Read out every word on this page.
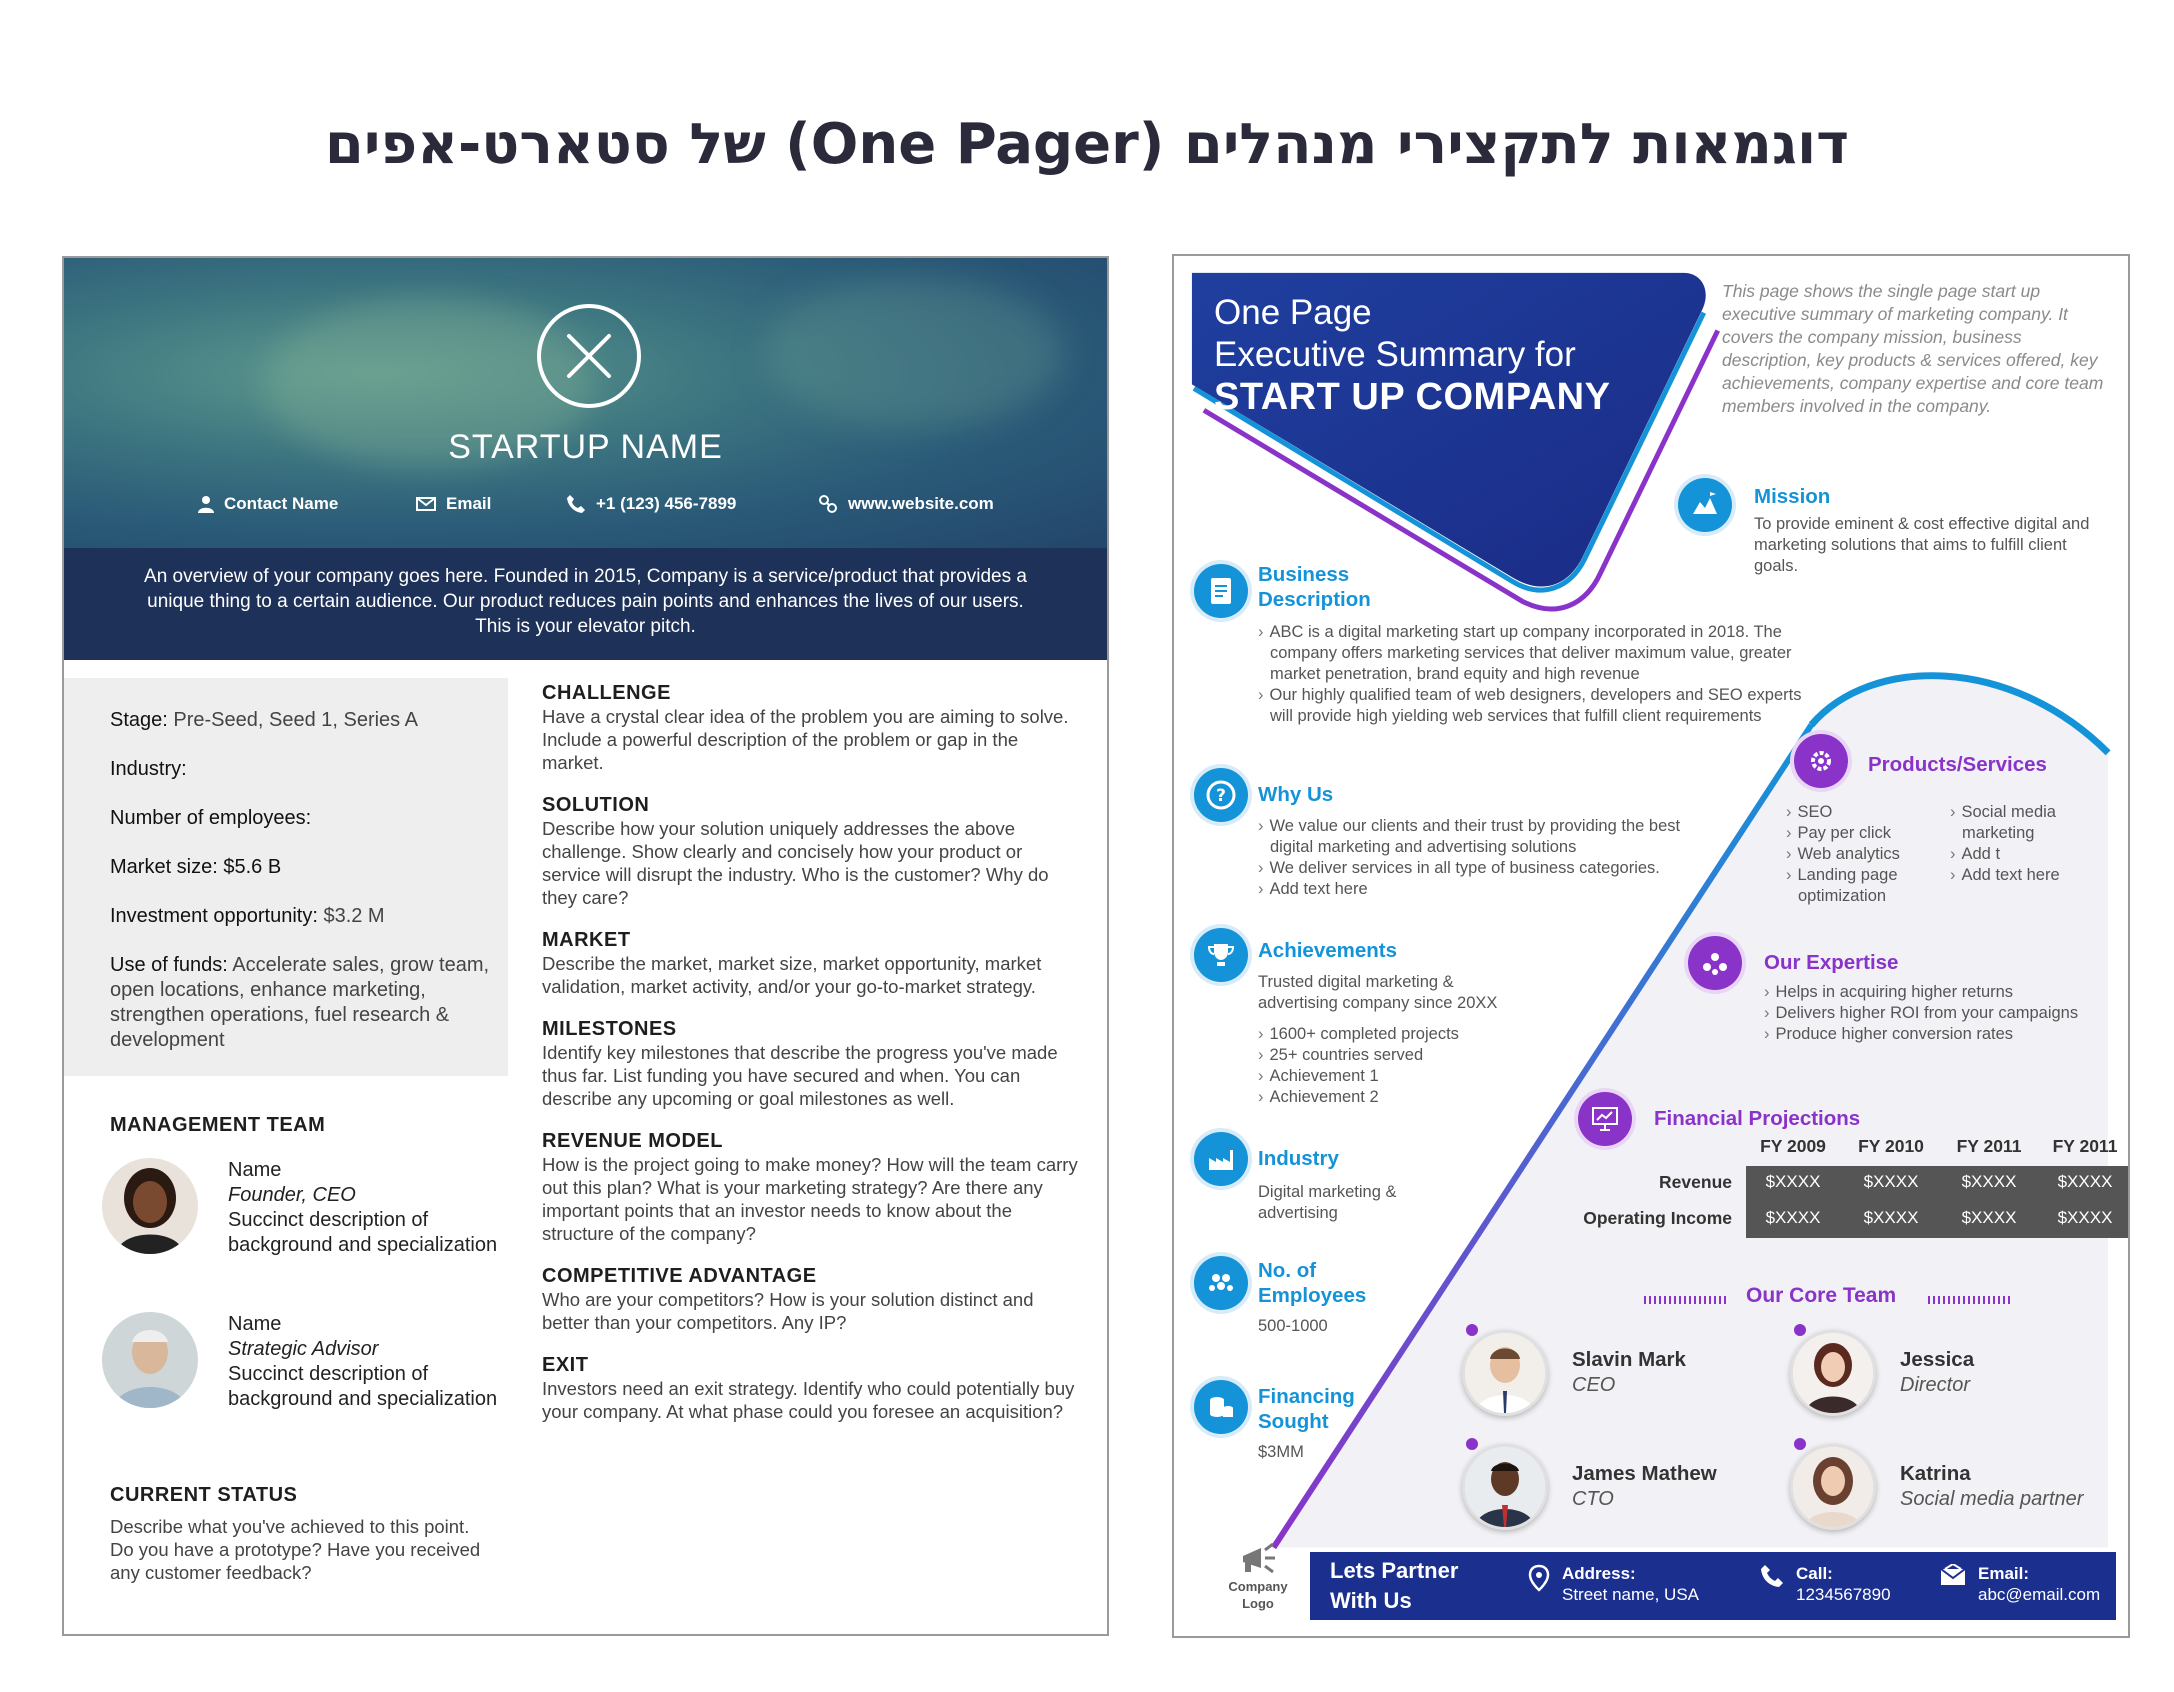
דוגמאות לתקצירי מנהלים (One Pager) של סטארט-אפים
STARTUP NAME
Contact Name	Email	+1 (123) 456-7899	www.website.com
An overview of your company goes here. Founded in 2015, Company is a service/product that provides a unique thing to a certain audience. Our product reduces pain points and enhances the lives of our users. This is your elevator pitch.
Stage: Pre-Seed, Seed 1, Series A
Industry:
Number of employees:
Market size: $5.6 B
Investment opportunity: $3.2 M
Use of funds: Accelerate sales, grow team, open locations, enhance marketing, strengthen operations, fuel research & development
MANAGEMENT TEAM
Name
Founder, CEO
Succinct description of background and specialization
Name
Strategic Advisor
Succinct description of background and specialization
CURRENT STATUS
Describe what you've achieved to this point. Do you have a prototype? Have you received any customer feedback?
CHALLENGE
Have a crystal clear idea of the problem you are aiming to solve. Include a powerful description of the problem or gap in the market.
SOLUTION
Describe how your solution uniquely addresses the above challenge. Show clearly and concisely how your product or service will disrupt the industry. Who is the customer? Why do they care?
MARKET
Describe the market, market size, market opportunity, market validation, market activity, and/or your go-to-market strategy.
MILESTONES
Identify key milestones that describe the progress you've made thus far. List funding you have secured and when. You can describe any upcoming or goal milestones as well.
REVENUE MODEL
How is the project going to make money? How will the team carry out this plan? What is your marketing strategy? Are there any important points that an investor needs to know about the structure of the company?
COMPETITIVE ADVANTAGE
Who are your competitors? How is your solution distinct and better than your competitors. Any IP?
EXIT
Investors need an exit strategy. Identify who could potentially buy your company. At what phase could you foresee an acquisition?
One Page
Executive Summary for
START UP COMPANY
This page shows the single page start up executive summary of marketing company. It covers the company mission, business description, key products & services offered, key achievements, company expertise and core team members involved in the company.
Mission
To provide eminent & cost effective digital and marketing solutions that aims to fulfill client goals.
Business
Description
› ABC is a digital marketing start up company incorporated in 2018. The company offers marketing services that deliver maximum value, greater market penetration, brand equity and high revenue
› Our highly qualified team of web designers, developers and SEO experts will provide high yielding web services that fulfill client requirements
? Why Us
› We value our clients and their trust by providing the best digital marketing and advertising solutions
› We deliver services in all type of business categories.
› Add text here
Products/Services
› SEO
› Pay per click
› Web analytics
› Landing page optimization
› Social media marketing
› Add t
› Add text here
Achievements
Trusted digital marketing & advertising company since 20XX
› 1600+ completed projects
› 25+ countries served
› Achievement 1
› Achievement 2
Our Expertise
› Helps in acquiring higher returns
› Delivers higher ROI from your campaigns
› Produce higher conversion rates
Industry
Digital marketing & advertising
Financial Projections
FY 2009	FY 2010	FY 2011	FY 2011
Revenue	$XXXX	$XXXX	$XXXX	$XXXX
Operating Income	$XXXX	$XXXX	$XXXX	$XXXX
No. of
Employees
500-1000
Financing
Sought
$3MM
Our Core Team
Slavin Mark
CEO
Jessica
Director
James Mathew
CTO
Katrina
Social media partner
Company
Logo
Lets Partner
With Us
Address:
Street name, USA
Call:
1234567890
Email:
abc@email.com
